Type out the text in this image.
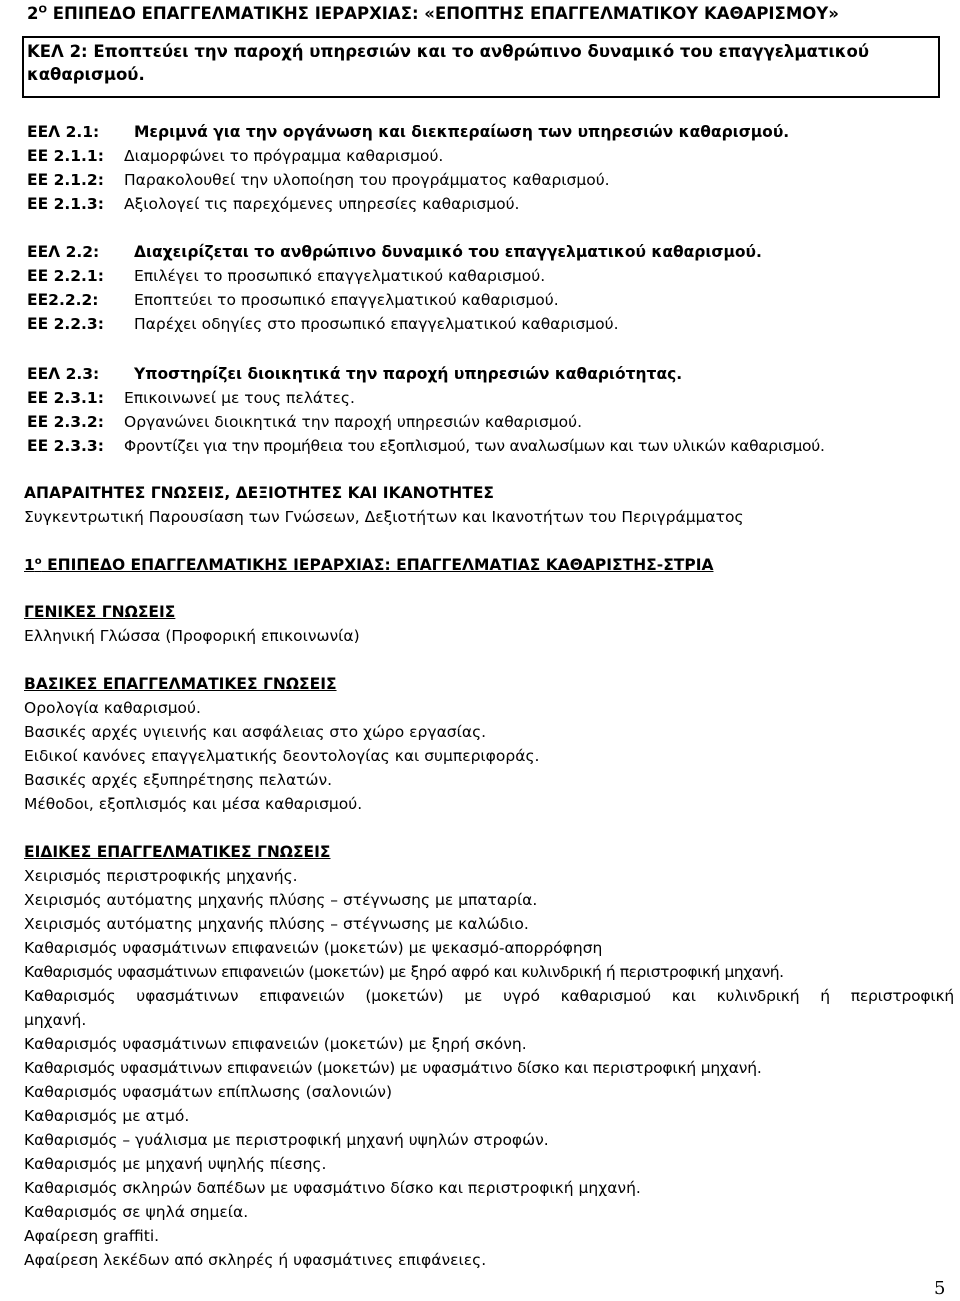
$2^O$ ΕΠΙΠΕΔΟ ΕΠΑΓΓΕΛΜΑΤΙΚΗΣ ΙΕΡΑΡΧΙΑΣ: «ΕΠΟΠΤΗΣ ΕΠΑΓΓΕΛΜΑΤΙΚΟΥ ΚΑΘΑΡΙΣΜΟΥ»
ΚΕΛ 2: Εποπτεύει την παροχή υπηρεσιών και το ανθρώπινο δυναμικό του επαγγελματικού
καθαρισμού.
ΕΕΛ 2.1: Μεριμνά για την οργάνωση και διεκπεραίωση των υπηρεσιών καθαρισμού.
ΕΕ 2.1.1: Διαμορφώνει το πρόγραμμα καθαρισμού.
ΕΕ 2.1.2: Παρακολουθεί την υλοποίηση του προγράμματος καθαρισμού.
ΕΕ 2.1.3: Αξιολογεί τις παρεχόμενες υπηρεσίες καθαρισμού.
ΕΕΛ 2.2: Διαχειρίζεται το ανθρώπινο δυναμικό του επαγγελματικού καθαρισμού.
ΕΕ 2.2.1: Επιλέγει το προσωπικό επαγγελματικού καθαρισμού.
ΕΕ2.2.2: Εποπτεύει το προσωπικό επαγγελματικού καθαρισμού.
ΕΕ 2.2.3: Παρέχει οδηγίες στο προσωπικό επαγγελματικού καθαρισμού.
ΕΕΛ 2.3: Υποστηρίζει διοικητικά την παροχή υπηρεσιών καθαριότητας.
ΕΕ 2.3.1: Επικοινωνεί με τους πελάτες.
ΕΕ 2.3.2: Οργανώνει διοικητικά την παροχή υπηρεσιών καθαρισμού.
ΕΕ 2.3.3: Φροντίζει για την προμήθεια του εξοπλισμού, των αναλωσίμων και των υλικών καθαρισμού.
ΑΠΑΡΑΙΤΗΤΕΣ ΓΝΩΣΕΙΣ, ΔΕΞΙΟΤΗΤΕΣ ΚΑΙ ΙΚΑΝΟΤΗΤΕΣ
Συγκεντρωτική Παρουσίαση των Γνώσεων, Δεξιοτήτων και Ικανοτήτων του Περιγράμματος
$1^o$ ΕΠΙΠΕΔΟ ΕΠΑΓΓΕΛΜΑΤΙΚΗΣ ΙΕΡΑΡΧΙΑΣ: ΕΠΑΓΓΕΛΜΑΤΙΑΣ ΚΑΘΑΡΙΣΤΗΣ-ΣΤΡΙΑ
ΓΕΝΙΚΕΣ ΓΝΩΣΕΙΣ
Ελληνική Γλώσσα (Προφορική επικοινωνία)
ΒΑΣΙΚΕΣ ΕΠΑΓΓΕΛΜΑΤΙΚΕΣ ΓΝΩΣΕΙΣ
Ορολογία καθαρισμού.
Βασικές αρχές υγιεινής και ασφάλειας στο χώρο εργασίας.
Ειδικοί κανόνες επαγγελματικής δεοντολογίας και συμπεριφοράς.
Βασικές αρχές εξυπηρέτησης πελατών.
Μέθοδοι, εξοπλισμός και μέσα καθαρισμού.
ΕΙΔΙΚΕΣ ΕΠΑΓΓΕΛΜΑΤΙΚΕΣ ΓΝΩΣΕΙΣ
Χειρισμός περιστροφικής μηχανής.
Χειρισμός αυτόματης μηχανής πλύσης – στέγνωσης με μπαταρία.
Χειρισμός αυτόματης μηχανής πλύσης – στέγνωσης με καλώδιο.
Καθαρισμός υφασμάτινων επιφανειών (μοκετών) με ψεκασμό-απορρόφηση
Καθαρισμός υφασμάτινων επιφανειών (μοκετών) με ξηρό αφρό και κυλινδρική ή περιστροφική μηχανή.
Καθαρισμός υφασμάτινων επιφανειών (μοκετών) με υγρό καθαρισμού και κυλινδρική ή περιστροφική
μηχανή.
Καθαρισμός υφασμάτινων επιφανειών (μοκετών) με ξηρή σκόνη.
Καθαρισμός υφασμάτινων επιφανειών (μοκετών) με υφασμάτινο δίσκο και περιστροφική μηχανή.
Καθαρισμός υφασμάτων επίπλωσης (σαλονιών)
Καθαρισμός με ατμό.
Καθαρισμός – γυάλισμα με περιστροφική μηχανή υψηλών στροφών.
Καθαρισμός με μηχανή υψηλής πίεσης.
Καθαρισμός σκληρών δαπέδων με υφασμάτινο δίσκο και περιστροφική μηχανή.
Καθαρισμός σε ψηλά σημεία.
Αφαίρεση graffiti.
Αφαίρεση λεκέδων από σκληρές ή υφασμάτινες επιφάνειες.
5
